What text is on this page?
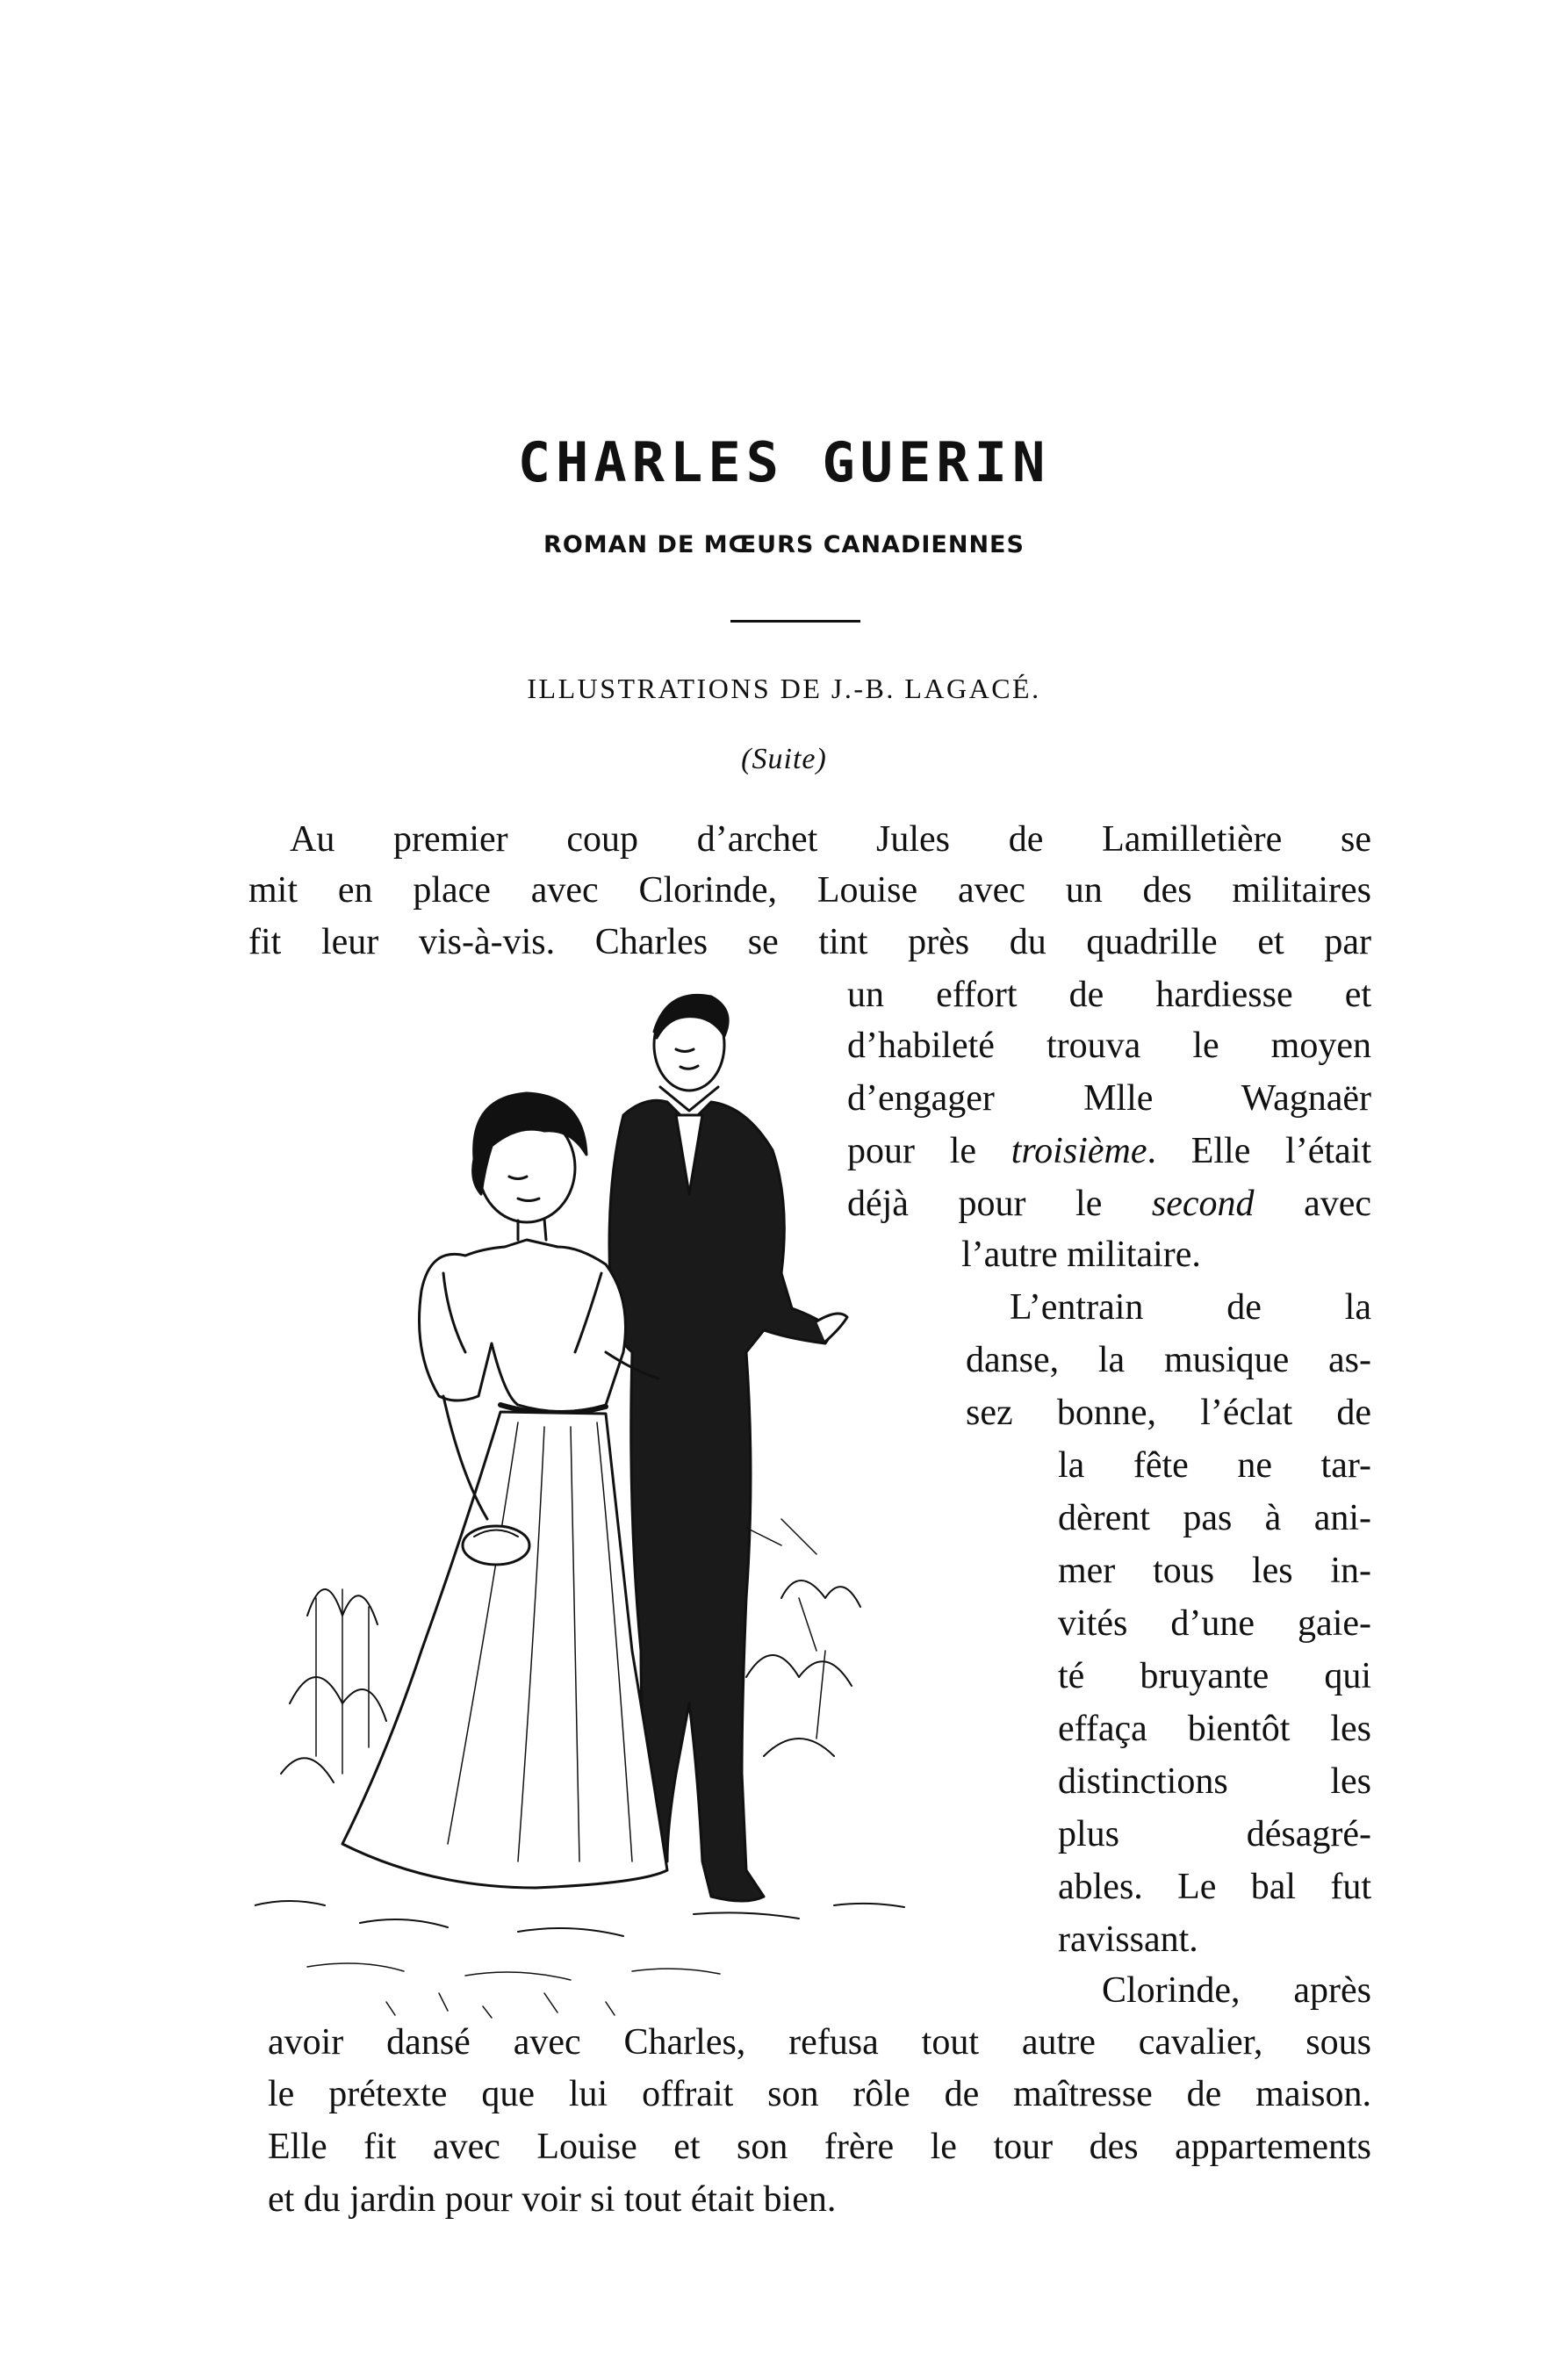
CHARLES GUERIN
ROMAN DE MŒURS CANADIENNES
ILLUSTRATIONS DE J.-B. LAGACÉ.
(Suite)

Au premier coup d’archet Jules de Lamilletière se

mit en place avec Clorinde, Louise avec un des militaires

fit leur vis-à-vis. Charles se tint près du quadrille et par

un effort de hardiesse et

d’habileté trouva le moyen

d’engager Mlle Wagnaër

pour le troisième. Elle l’était

déjà pour le second avec

l’autre militaire.

L’entrain de la

danse, la musique as-

sez bonne, l’éclat de

la fête ne tar-

dèrent pas à ani-

mer tous les in-

vités d’une gaie-

té bruyante qui

effaça bientôt les

distinctions les

plus désagré-

ables. Le bal fut

ravissant.

Clorinde, après

avoir dansé avec Charles, refusa tout autre cavalier, sous

le prétexte que lui offrait son rôle de maîtresse de maison.

Elle fit avec Louise et son frère le tour des appartements

et du jardin pour voir si tout était bien.
